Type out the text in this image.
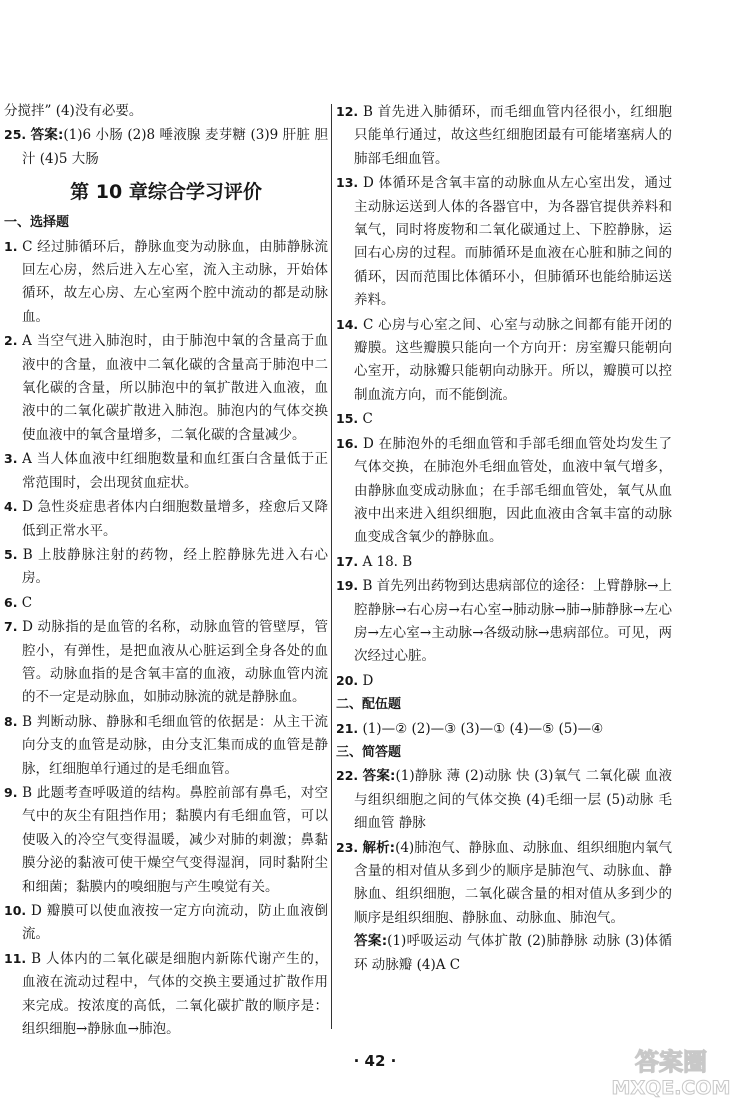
分搅拌” (4)没有必要。

25. 答案:(1)6 小肠 (2)8 唾液腺 麦芽糖 (3)9 肝脏 胆汁 (4)5 大肠

第 10 章综合学习评价
一、选择题

1. C 经过肺循环后，静脉血变为动脉血，由肺静脉流回左心房，然后进入左心室，流入主动脉，开始体循环，故左心房、左心室两个腔中流动的都是动脉血。

2. A 当空气进入肺泡时，由于肺泡中氧的含量高于血液中的含量，血液中二氧化碳的含量高于肺泡中二氧化碳的含量，所以肺泡中的氧扩散进入血液，血液中的二氧化碳扩散进入肺泡。肺泡内的气体交换使血液中的氧含量增多，二氧化碳的含量减少。

3. A 当人体血液中红细胞数量和血红蛋白含量低于正常范围时，会出现贫血症状。

4. D 急性炎症患者体内白细胞数量增多，痊愈后又降低到正常水平。

5. B 上肢静脉注射的药物，经上腔静脉先进入右心房。

6. C

7. D 动脉指的是血管的名称，动脉血管的管壁厚，管腔小，有弹性，是把血液从心脏运到全身各处的血管。动脉血指的是含氧丰富的血液，动脉血管内流的不一定是动脉血，如肺动脉流的就是静脉血。

8. B 判断动脉、静脉和毛细血管的依据是：从主干流向分支的血管是动脉，由分支汇集而成的血管是静脉，红细胞单行通过的是毛细血管。

9. B 此题考查呼吸道的结构。鼻腔前部有鼻毛，对空气中的灰尘有阻挡作用；黏膜内有毛细血管，可以使吸入的冷空气变得温暖，减少对肺的刺激；鼻黏膜分泌的黏液可使干燥空气变得湿润，同时黏附尘和细菌；黏膜内的嗅细胞与产生嗅觉有关。

10. D 瓣膜可以使血液按一定方向流动，防止血液倒流。

11. B 人体内的二氧化碳是细胞内新陈代谢产生的，血液在流动过程中，气体的交换主要通过扩散作用来完成。按浓度的高低，二氧化碳扩散的顺序是：组织细胞→静脉血→肺泡。

12. B 首先进入肺循环，而毛细血管内径很小，红细胞只能单行通过，故这些红细胞团最有可能堵塞病人的肺部毛细血管。

13. D 体循环是含氧丰富的动脉血从左心室出发，通过主动脉运送到人体的各器官中，为各器官提供养料和氧气，同时将废物和二氧化碳通过上、下腔静脉，运回右心房的过程。而肺循环是血液在心脏和肺之间的循环，因而范围比体循环小，但肺循环也能给肺运送养料。

14. C 心房与心室之间、心室与动脉之间都有能开闭的瓣膜。这些瓣膜只能向一个方向开：房室瓣只能朝向心室开，动脉瓣只能朝向动脉开。所以，瓣膜可以控制血流方向，而不能倒流。

15. C

16. D 在肺泡外的毛细血管和手部毛细血管处均发生了气体交换，在肺泡外毛细血管处，血液中氧气增多，由静脉血变成动脉血；在手部毛细血管处，氧气从血液中出来进入组织细胞，因此血液由含氧丰富的动脉血变成含氧少的静脉血。

17. A 18. B

19. B 首先列出药物到达患病部位的途径：上臂静脉→上腔静脉→右心房→右心室→肺动脉→肺→肺静脉→左心房→左心室→主动脉→各级动脉→患病部位。可见，两次经过心脏。

20. D

二、配伍题

21. (1)—② (2)—③ (3)—① (4)—⑤ (5)—④

三、简答题

22. 答案:(1)静脉 薄 (2)动脉 快 (3)氧气 二氧化碳 血液与组织细胞之间的气体交换 (4)毛细一层 (5)动脉 毛细血管 静脉

23. 解析:(4)肺泡气、静脉血、动脉血、组织细胞内氧气含量的相对值从多到少的顺序是肺泡气、动脉血、静脉血、组织细胞，二氧化碳含量的相对值从多到少的顺序是组织细胞、静脉血、动脉血、肺泡气。

答案:(1)呼吸运动 气体扩散 (2)肺静脉 动脉 (3)体循环 动脉瓣 (4)A C

· 42 ·	答案圈
MXQE.COM
